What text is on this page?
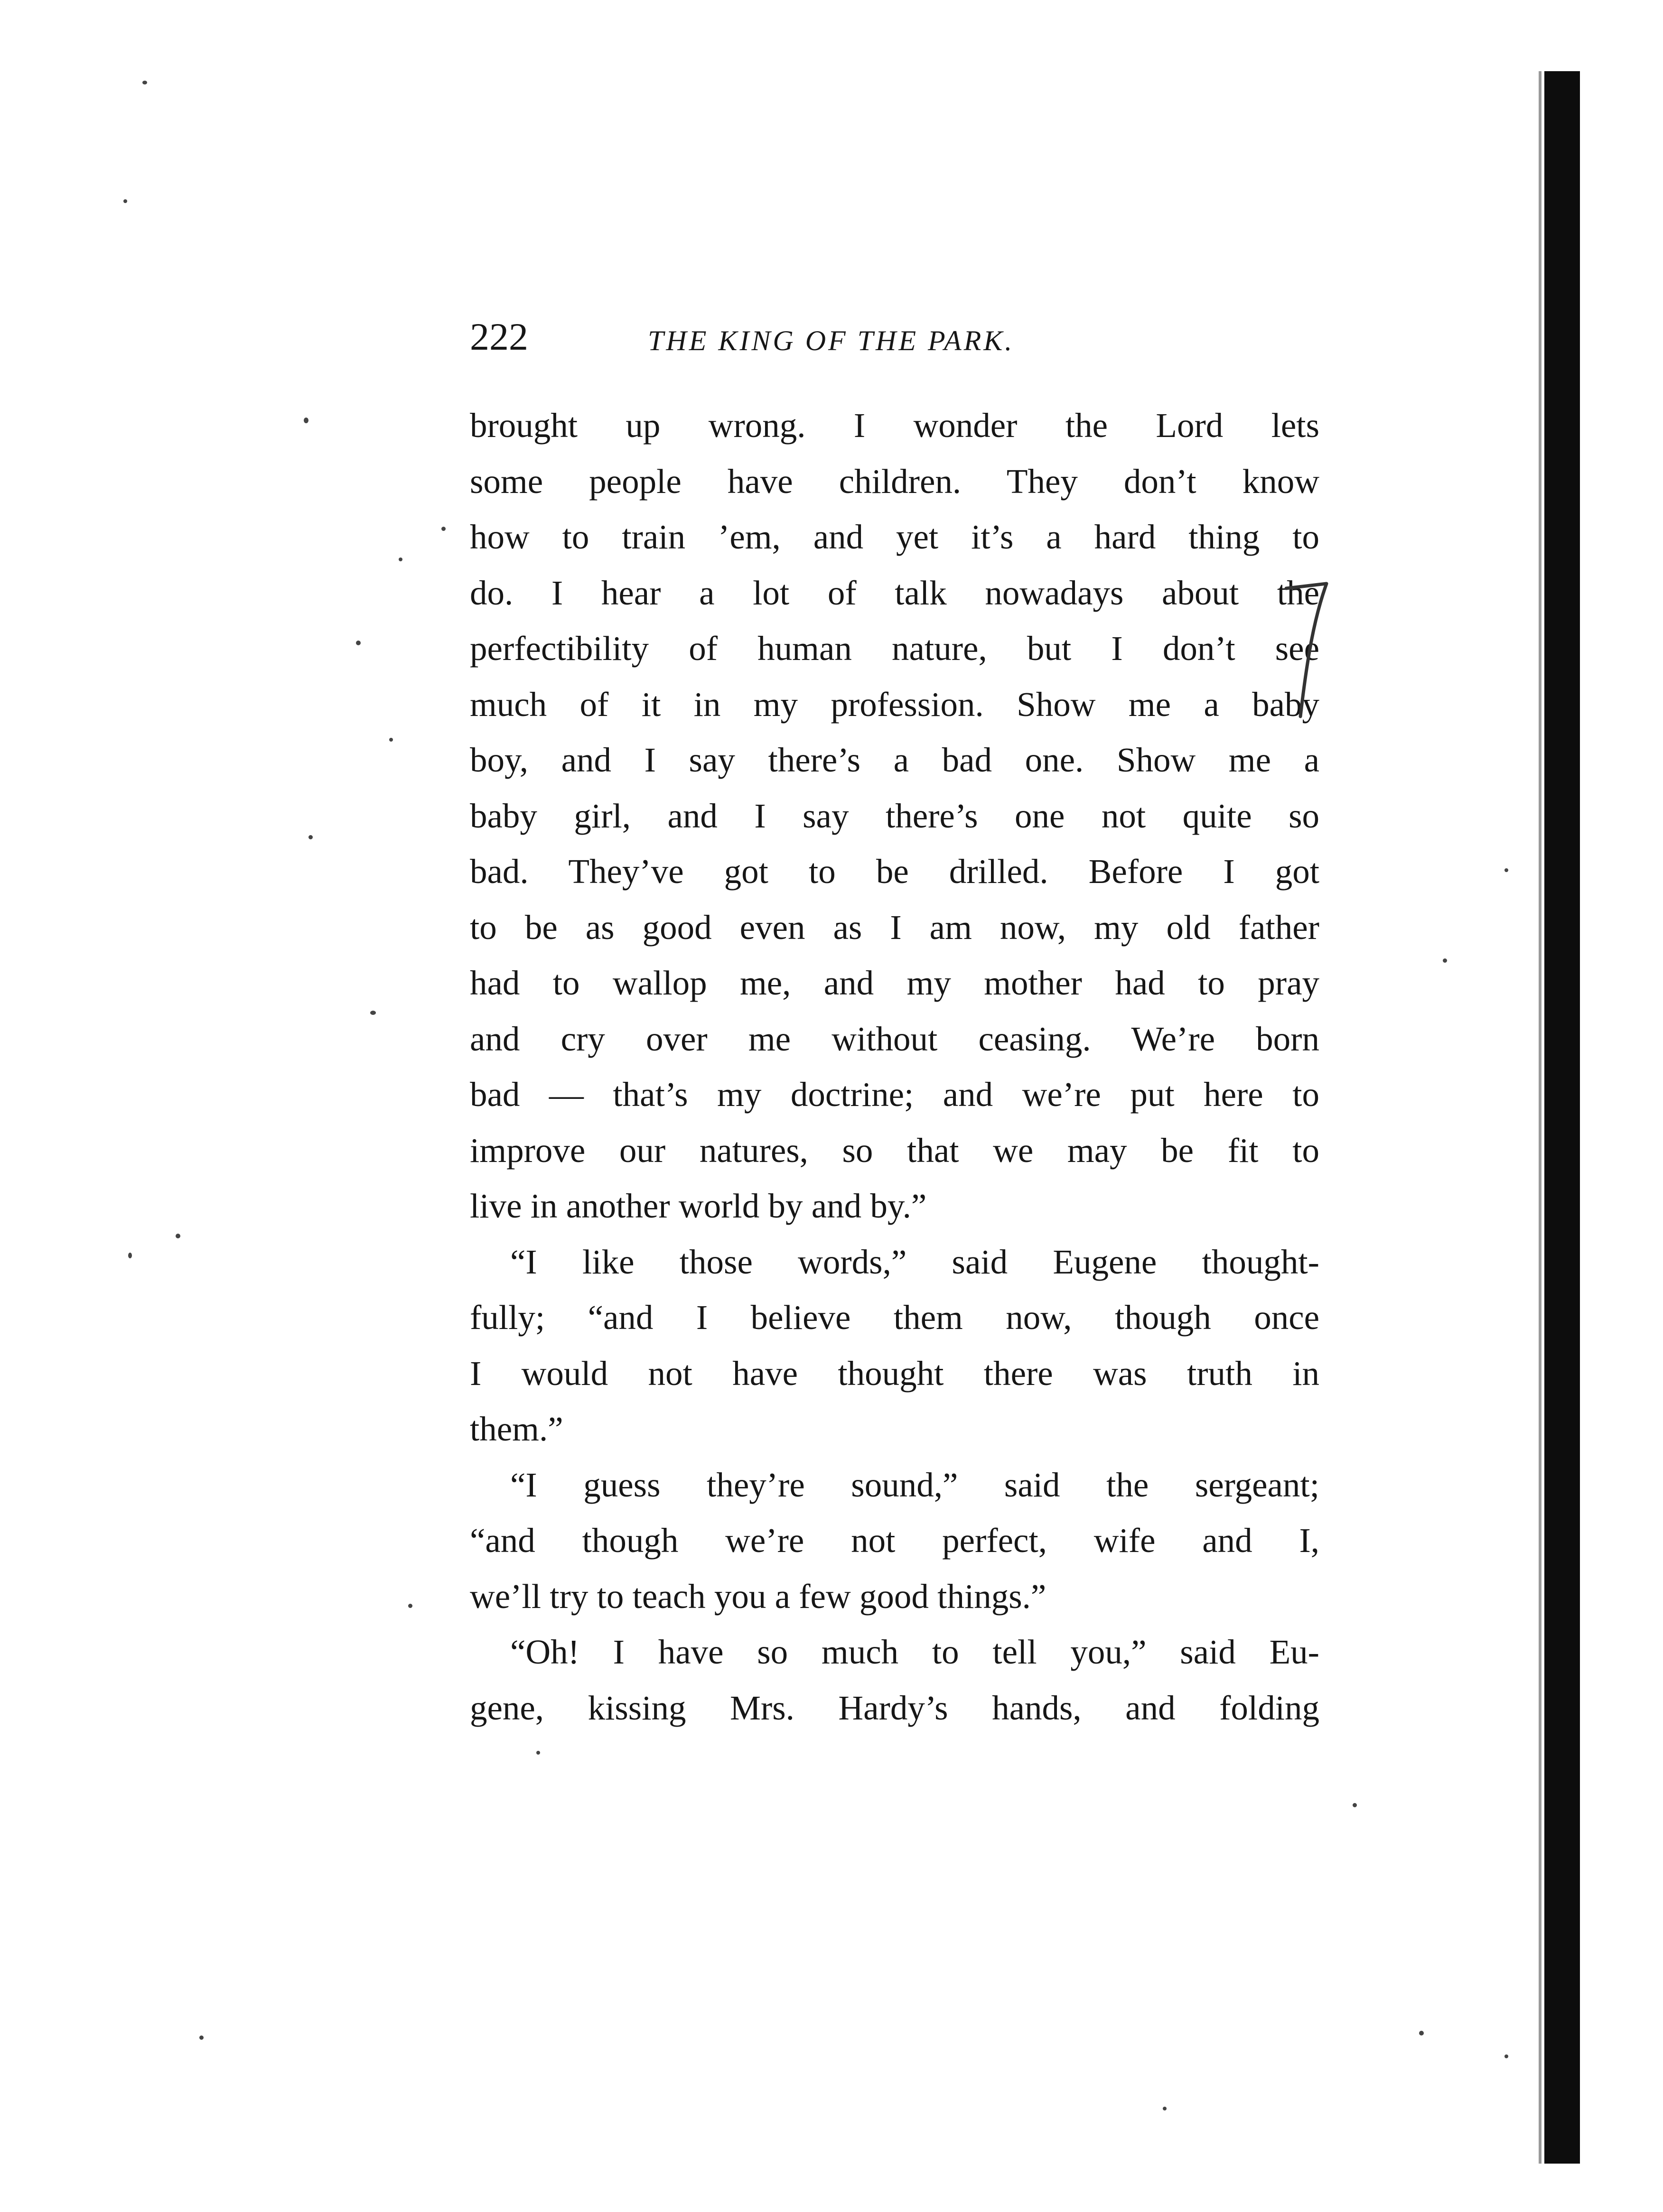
222	THE KING OF THE PARK.
brought up wrong. I wonder the Lord lets
some people have children. They don’t know
how to train ’em, and yet it’s a hard thing to
do. I hear a lot of talk nowadays about the
perfectibility of human nature, but I don’t see
much of it in my profession. Show me a baby
boy, and I say there’s a bad one. Show me a
baby girl, and I say there’s one not quite so
bad. They’ve got to be drilled. Before I got
to be as good even as I am now, my old father
had to wallop me, and my mother had to pray
and cry over me without ceasing. We’re born
bad — that’s my doctrine; and we’re put here to
improve our natures, so that we may be fit to
live in another world by and by.”
“I like those words,” said Eugene thought-
fully; “and I believe them now, though once
I would not have thought there was truth in
them.”
“I guess they’re sound,” said the sergeant;
“and though we’re not perfect, wife and I,
we’ll try to teach you a few good things.”
“Oh! I have so much to tell you,” said Eu-
gene, kissing Mrs. Hardy’s hands, and folding
